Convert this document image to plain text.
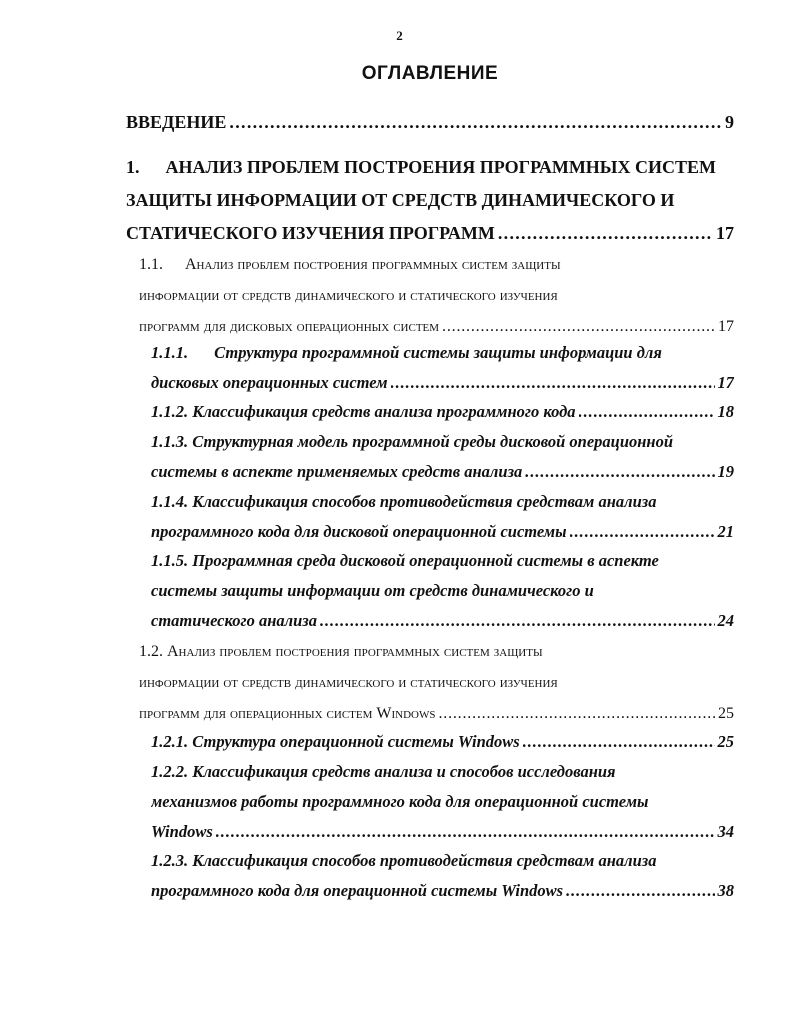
2
ОГЛАВЛЕНИЕ
ВВЕДЕНИЕ . . .	9
1. АНАЛИЗ ПРОБЛЕМ ПОСТРОЕНИЯ ПРОГРАММНЫХ СИСТЕМ
ЗАЩИТЫ ИНФОРМАЦИИ ОТ СРЕДСТВ ДИНАМИЧЕСКОГО И
СТАТИЧЕСКОГО ИЗУЧЕНИЯ ПРОГРАММ . . .	17
1.1. Анализ проблем построения программных систем защиты
информации от средств динамического и статического изучения
программ для дисковых операционных систем . . .	17
1.1.1. Структура программной системы защиты информации для
дисковых операционных систем . . .	17
1.1.2. Классификация средств анализа программного кода . . .	18
1.1.3. Структурная модель программной среды дисковой операционной
системы в аспекте применяемых средств анализа . . .	19
1.1.4. Классификация способов противодействия средствам анализа
программного кода для дисковой операционной системы . . .	21
1.1.5. Программная среда дисковой операционной системы в аспекте
системы защиты информации от средств динамического и
статического анализа . . .	24
1.2. Анализ проблем построения программных систем защиты
информации от средств динамического и статического изучения
программ для операционных систем Windows . . .	25
1.2.1. Структура операционной системы Windows . . .	25
1.2.2. Классификация средств анализа и способов исследования
механизмов работы программного кода для операционной системы
Windows . . .	34
1.2.3. Классификация способов противодействия средствам анализа
программного кода для операционной системы Windows . . .	38
